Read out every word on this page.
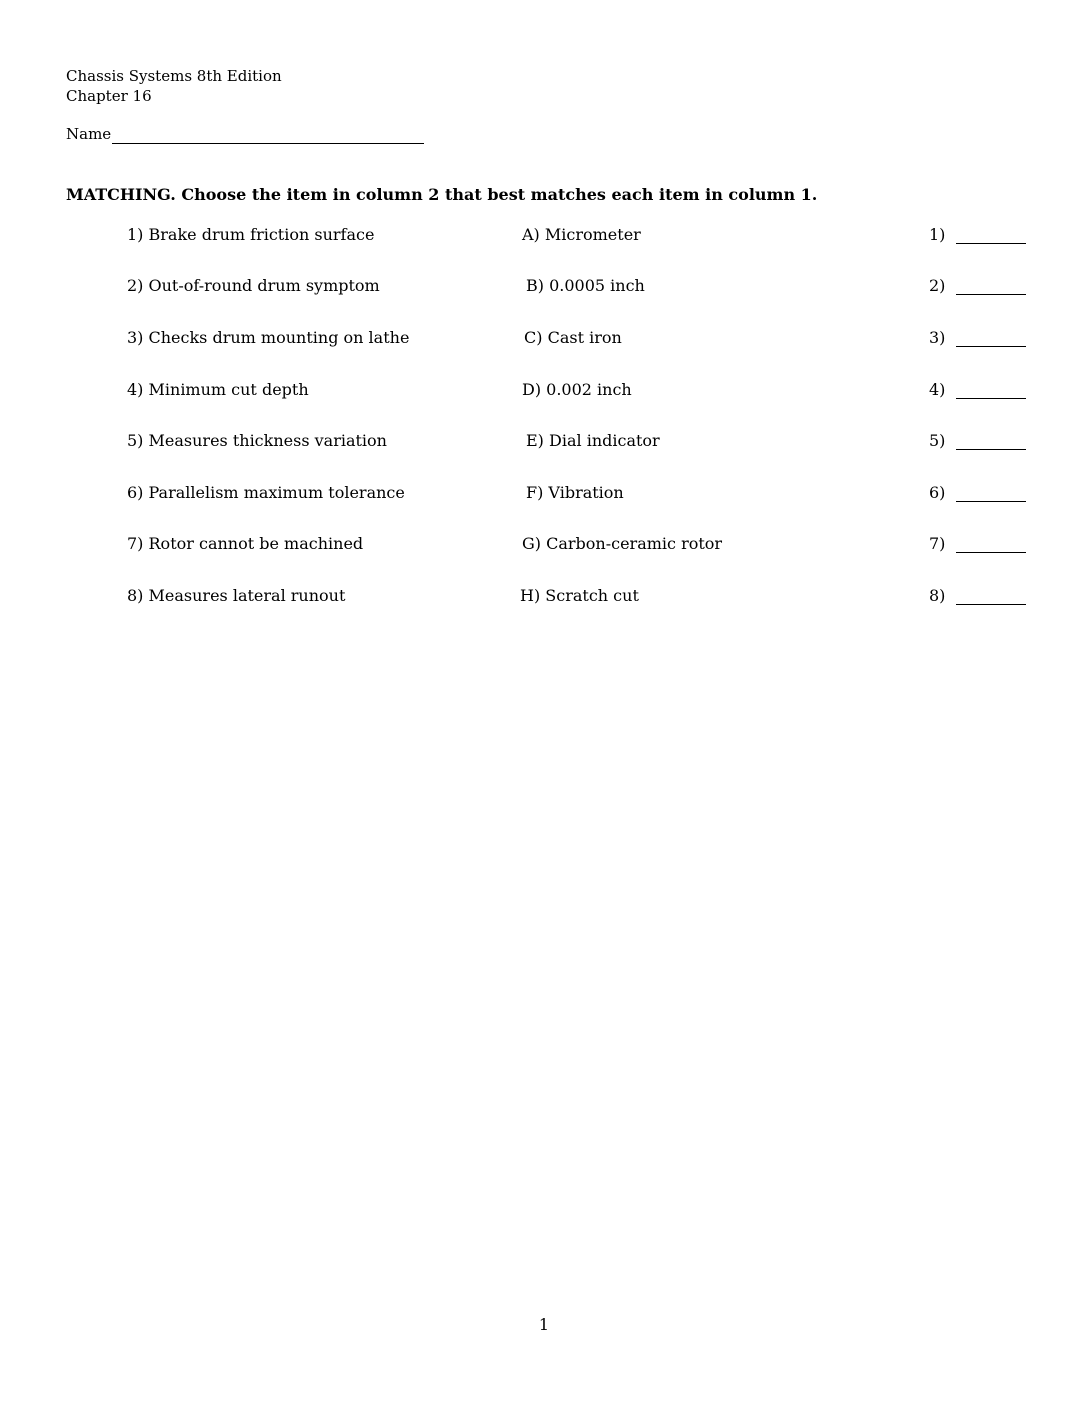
Chassis Systems 8th Edition
Chapter 16
Name
MATCHING. Choose the item in column 2 that best matches each item in column 1.
1) Brake drum friction surface	A) Micrometer	1)
2) Out-of-round drum symptom	B) 0.0005 inch	2)
3) Checks drum mounting on lathe	C) Cast iron	3)
4) Minimum cut depth	D) 0.002 inch	4)
5) Measures thickness variation	E) Dial indicator	5)
6) Parallelism maximum tolerance	F) Vibration	6)
7) Rotor cannot be machined	G) Carbon-ceramic rotor	7)
8) Measures lateral runout	H) Scratch cut	8)
1
